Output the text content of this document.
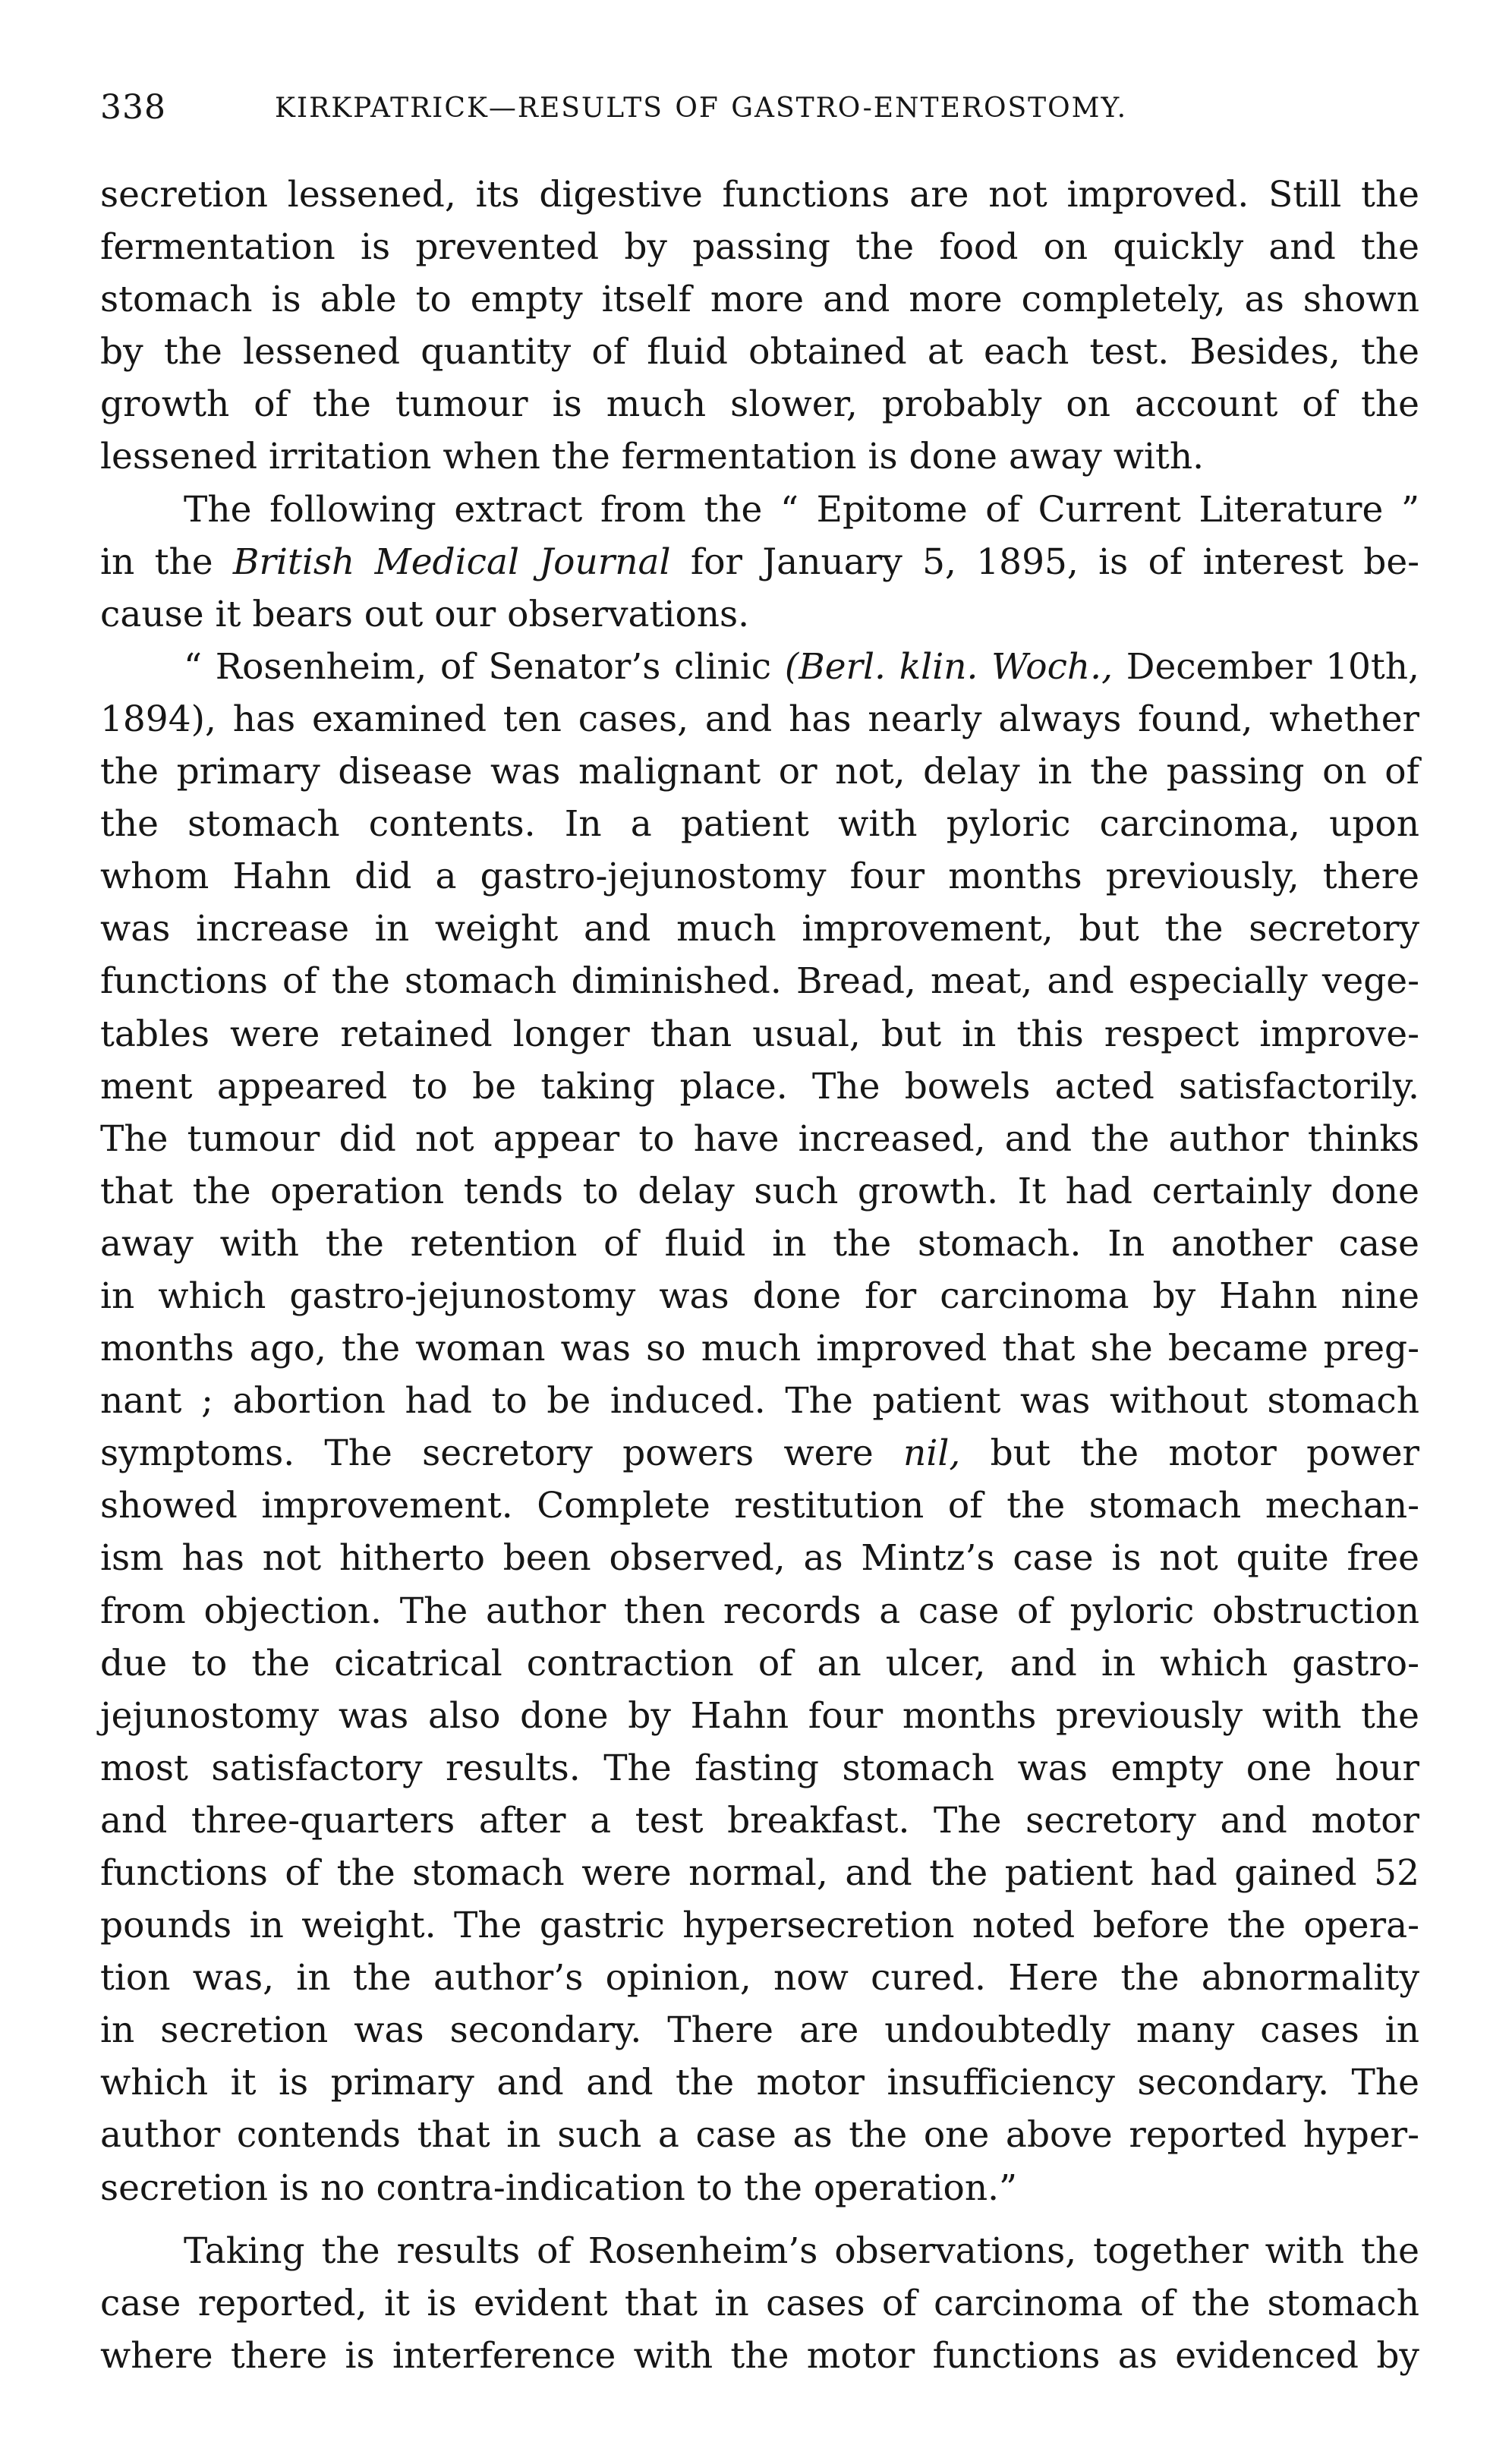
338	KIRKPATRICK—RESULTS OF GASTRO-ENTEROSTOMY.
secretion lessened, its digestive functions are not improved. Still the
fermentation is prevented by passing the food on quickly and the
stomach is able to empty itself more and more completely, as shown
by the lessened quantity of fluid obtained at each test. Besides, the
growth of the tumour is much slower, probably on account of the
lessened irritation when the fermentation is done away with.
The following extract from the “ Epitome of Current Literature ”
in the British Medical Journal for January 5, 1895, is of interest be-
cause it bears out our observations.
“ Rosenheim, of Senator’s clinic (Berl. klin. Woch., December 10th,
1894), has examined ten cases, and has nearly always found, whether
the primary disease was malignant or not, delay in the passing on of
the stomach contents. In a patient with pyloric carcinoma, upon
whom Hahn did a gastro-jejunostomy four months previously, there
was increase in weight and much improvement, but the secretory
functions of the stomach diminished. Bread, meat, and especially vege-
tables were retained longer than usual, but in this respect improve-
ment appeared to be taking place. The bowels acted satisfactorily.
The tumour did not appear to have increased, and the author thinks
that the operation tends to delay such growth. It had certainly done
away with the retention of fluid in the stomach. In another case
in which gastro-jejunostomy was done for carcinoma by Hahn nine
months ago, the woman was so much improved that she became preg-
nant ; abortion had to be induced. The patient was without stomach
symptoms. The secretory powers were nil, but the motor power
showed improvement. Complete restitution of the stomach mechan-
ism has not hitherto been observed, as Mintz’s case is not quite free
from objection. The author then records a case of pyloric obstruction
due to the cicatrical contraction of an ulcer, and in which gastro-
jejunostomy was also done by Hahn four months previously with the
most satisfactory results. The fasting stomach was empty one hour
and three-quarters after a test breakfast. The secretory and motor
functions of the stomach were normal, and the patient had gained 52
pounds in weight. The gastric hypersecretion noted before the opera-
tion was, in the author’s opinion, now cured. Here the abnormality
in secretion was secondary. There are undoubtedly many cases in
which it is primary and and the motor insufficiency secondary. The
author contends that in such a case as the one above reported hyper-
secretion is no contra-indication to the operation.”
Taking the results of Rosenheim’s observations, together with the
case reported, it is evident that in cases of carcinoma of the stomach
where there is interference with the motor functions as evidenced by
